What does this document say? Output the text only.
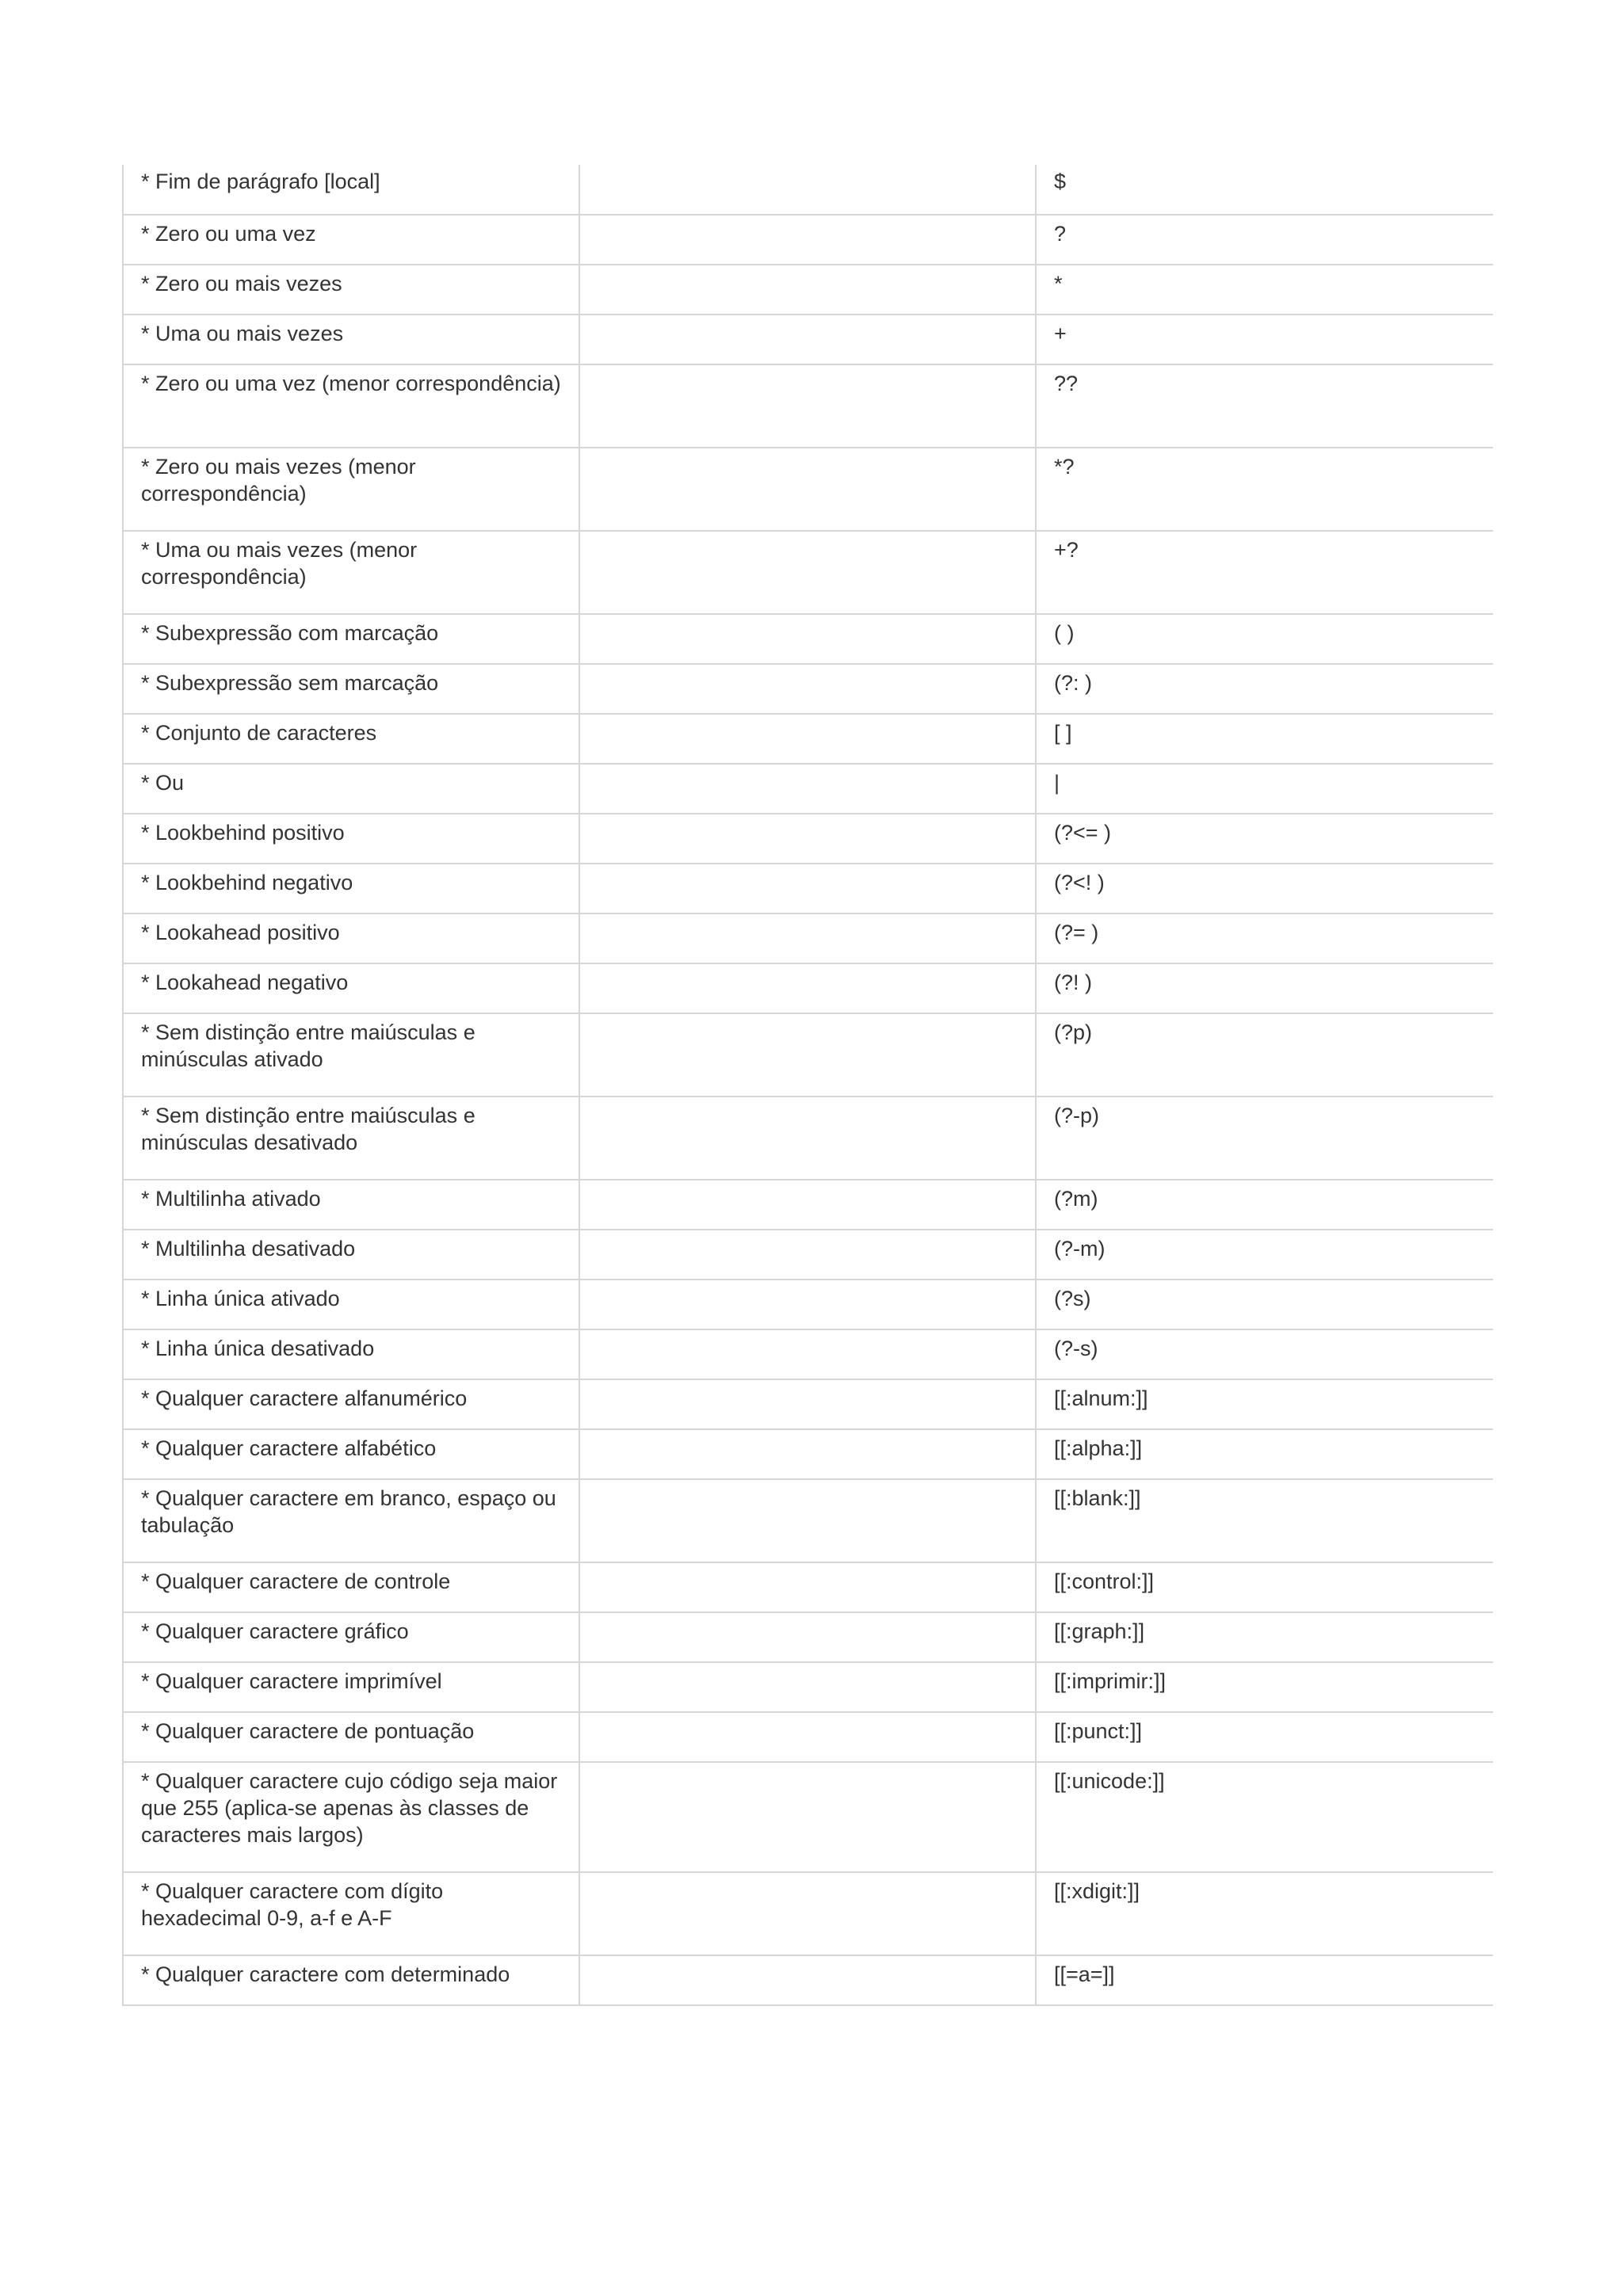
* Fim de parágrafo [local]		$
* Zero ou uma vez		?
* Zero ou mais vezes		*
* Uma ou mais vezes		+
* Zero ou uma vez (menor correspondência)		??
* Zero ou mais vezes (menor correspondência)		*?
* Uma ou mais vezes (menor correspondência)		+?
* Subexpressão com marcação		( )
* Subexpressão sem marcação		(?: )
* Conjunto de caracteres		[ ]
* Ou		|
* Lookbehind positivo		(?<= )
* Lookbehind negativo		(?<! )
* Lookahead positivo		(?= )
* Lookahead negativo		(?! )
* Sem distinção entre maiúsculas e minúsculas ativado		(?p)
* Sem distinção entre maiúsculas e minúsculas desativado		(?-p)
* Multilinha ativado		(?m)
* Multilinha desativado		(?-m)
* Linha única ativado		(?s)
* Linha única desativado		(?-s)
* Qualquer caractere alfanumérico		[[:alnum:]]
* Qualquer caractere alfabético		[[:alpha:]]
* Qualquer caractere em branco, espaço ou tabulação		[[:blank:]]
* Qualquer caractere de controle		[[:control:]]
* Qualquer caractere gráfico		[[:graph:]]
* Qualquer caractere imprimível		[[:imprimir:]]
* Qualquer caractere de pontuação		[[:punct:]]
* Qualquer caractere cujo código seja maior que 255 (aplica-se apenas às classes de caracteres mais largos)		[[:unicode:]]
* Qualquer caractere com dígito hexadecimal 0-9, a-f e A-F		[[:xdigit:]]
* Qualquer caractere com determinado		[[=a=]]
